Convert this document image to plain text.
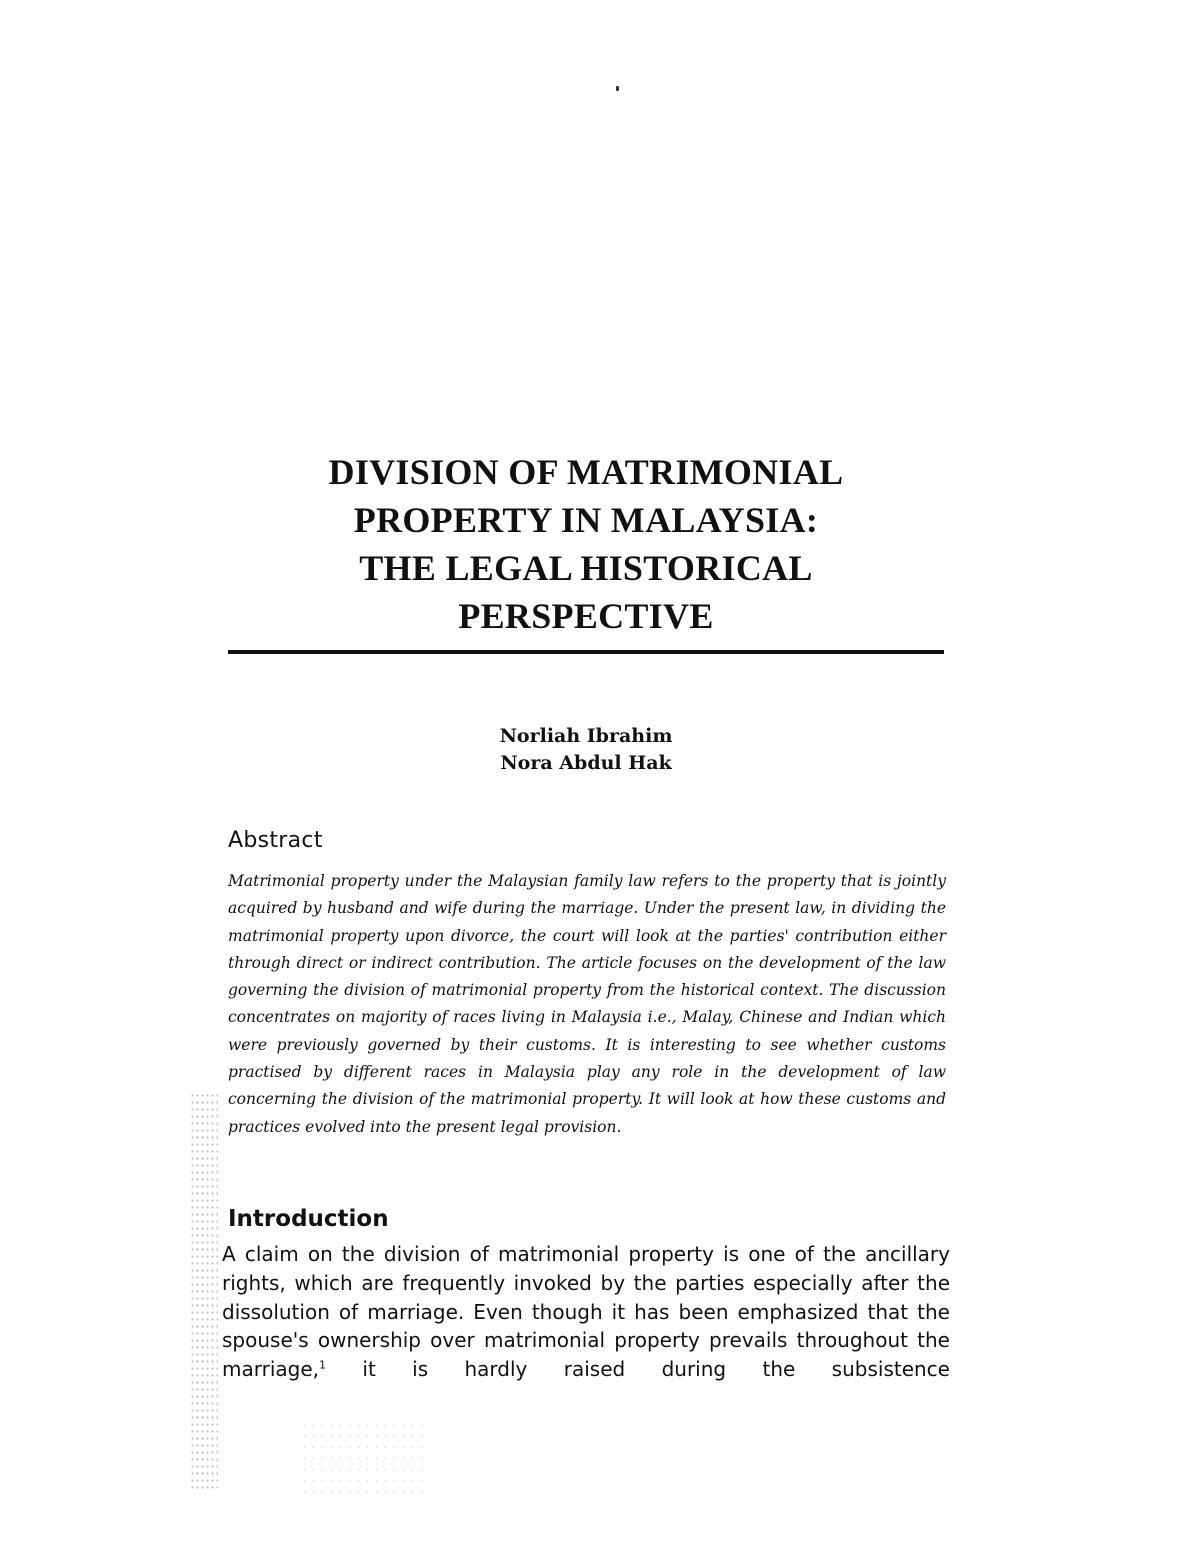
DIVISION OF MATRIMONIAL
PROPERTY IN MALAYSIA:
THE LEGAL HISTORICAL
PERSPECTIVE
Norliah Ibrahim
Nora Abdul Hak
Abstract

Matrimonial property under the Malaysian family law refers to the property that is jointly acquired by husband and wife during the marriage. Under the present law, in dividing the matrimonial property upon divorce, the court will look at the parties' contribution either through direct or indirect contribution. The article focuses on the development of the law governing the division of matrimonial property from the historical context. The discussion concentrates on majority of races living in Malaysia i.e., Malay, Chinese and Indian which were previously governed by their customs. It is interesting to see whether customs practised by different races in Malaysia play any role in the development of law concerning the division of the matrimonial property. It will look at how these customs and practices evolved into the present legal provision.

Introduction

A claim on the division of matrimonial property is one of the ancillary rights, which are frequently invoked by the parties especially after the dissolution of marriage. Even though it has been emphasized that the spouse's ownership over matrimonial property prevails throughout the marriage,$^1$ it is hardly raised during the subsistence
